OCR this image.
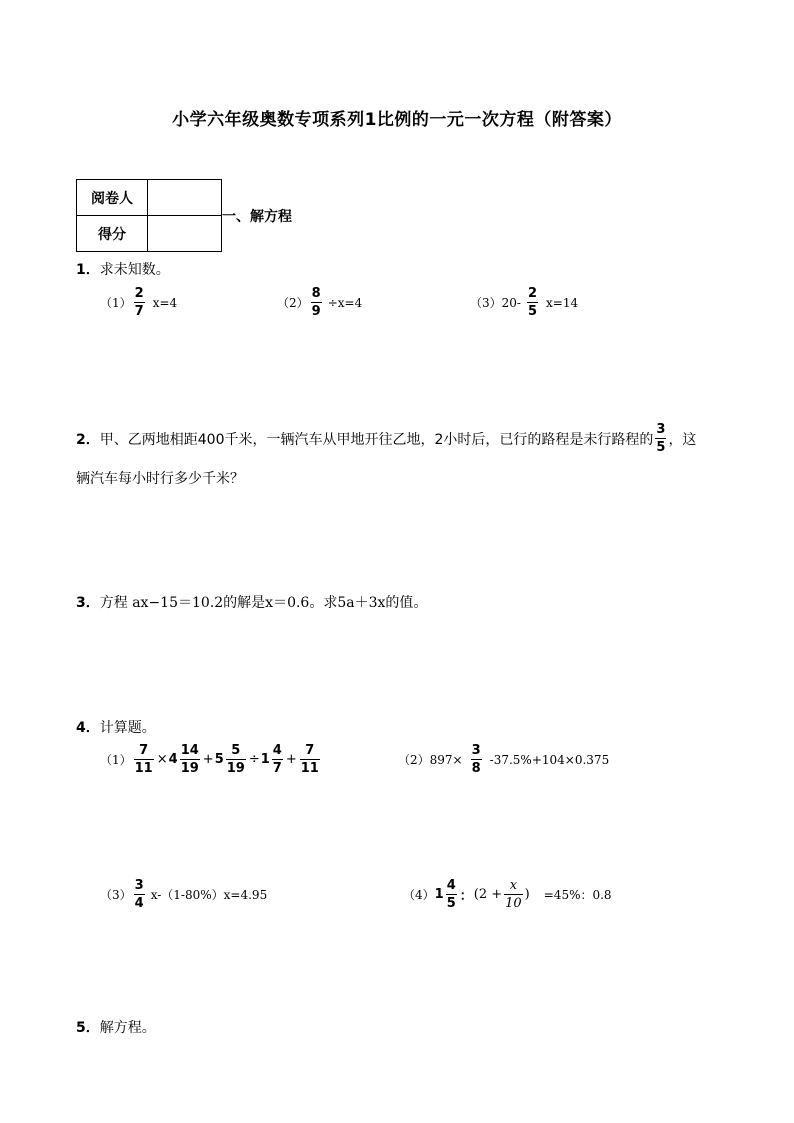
小学六年级奥数专项系列1比例的一元一次方程（附答案）
阅卷人	
得分	
一、解方程
1．求未知数。
$(1) \frac{2}{7} x=4$	$(2) \frac{8}{9} \div x=4$	（3） $20- \frac{2}{5} x=14$
2． 甲、乙两地相距400千米，一辆汽车从甲地开往乙地，2小时后，已行的路程是未行路程的 $\frac{3}{5}$ ，这
辆汽车每小时行多少千米？
3．方程 ax−15＝10.2的解是x＝0.6。求5a＋3x的值。
4．计算题。
$(1) \frac{7}{11} \times 4 \frac{14}{19} + 5 \frac{5}{19} \div 1 \frac{4}{7} + \frac{7}{11}$	（2） $897\times \frac{3}{8} -37.5\%+104\times 0.375$
$(3) \frac{3}{4} x-(1-80\%)x=4.95$	（4） $1 \frac{4}{5}$ ： ($2 + \frac{x}{10}$ ) =45%：0.8
5．解方程。
